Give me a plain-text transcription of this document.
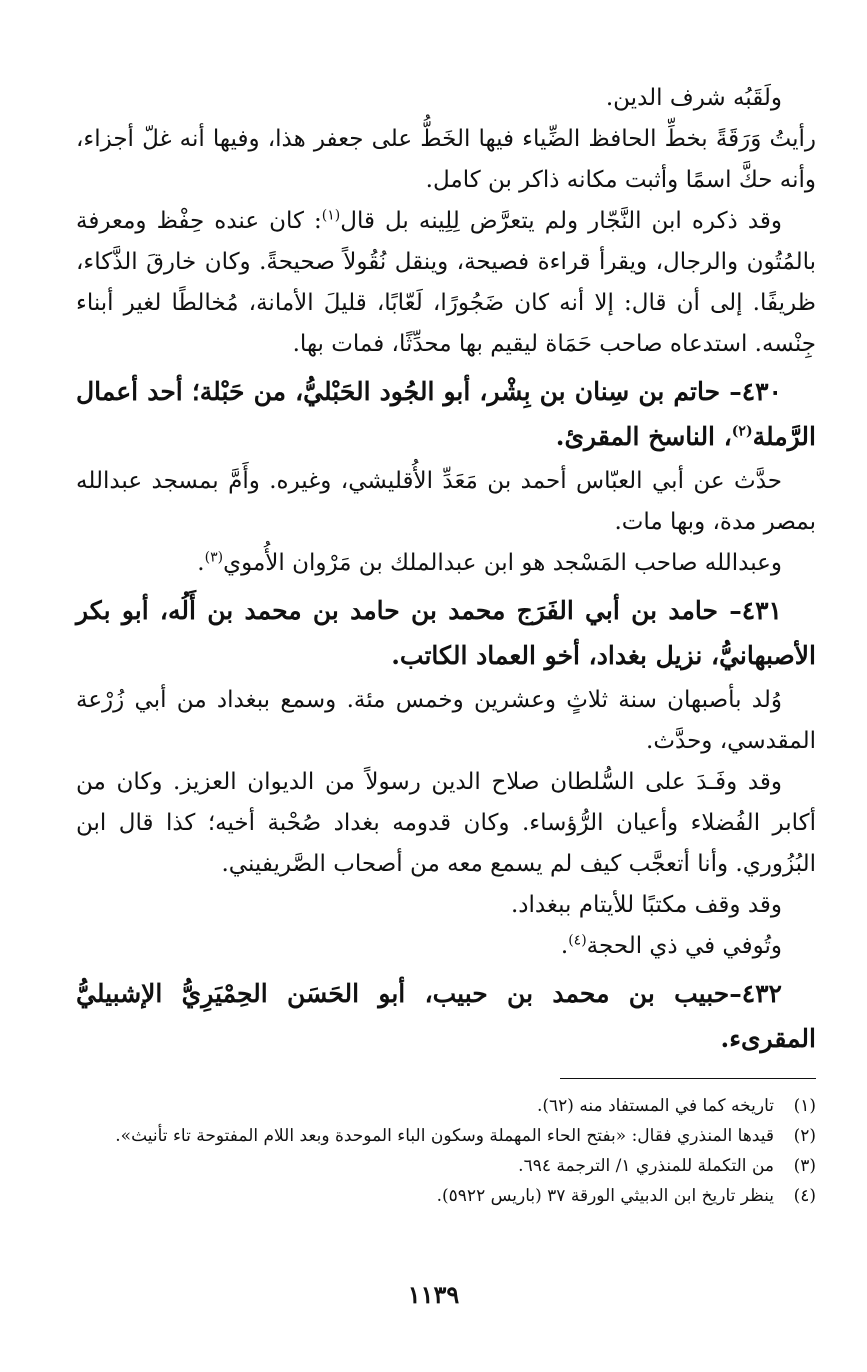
ولَقَبُه شرف الدين.

رأيتُ وَرَقَةً بخطِّ الحافظ الضِّياء فيها الخَطُّ على جعفر هذا، وفيها أنه غلّ أجزاء، وأنه حكَّ اسمًا وأثبت مكانه ذاكر بن كامل.

وقد ذكره ابن النَّجّار ولم يتعرَّض لِلِينه بل قال$^{(١)}$: كان عنده حِفْظ ومعرفة بالمُتُون والرجال، ويقرأ قراءة فصيحة، وينقل نُقُولاً صحيحةً. وكان خارقَ الذَّكاء، ظريفًا. إلى أن قال: إلا أنه كان ضَجُورًا، لَعّابًا، قليلَ الأمانة، مُخالطًا لغير أبناء جِنْسه. استدعاه صاحب حَمَاة ليقيم بها محدِّثًا، فمات بها.

٤٣٠– حاتم بن سِنان بن بِشْر، أبو الجُود الحَبْليُّ، من حَبْلة؛ أحد أعمال الرَّملة$^{(٢)}$، الناسخ المقرئ.

حدَّث عن أبي العبّاس أحمد بن مَعَدِّ الأُقليشي، وغيره. وأَمَّ بمسجد عبدالله بمصر مدة، وبها مات.

وعبدالله صاحب المَسْجد هو ابن عبدالملك بن مَرْوان الأُموي$^{(٣)}$.

٤٣١– حامد بن أبي الفَرَج محمد بن حامد بن محمد بن أَلُه، أبو بكر الأصبهانيُّ، نزيل بغداد، أخو العماد الكاتب.

وُلد بأصبهان سنة ثلاثٍ وعشرين وخمس مئة. وسمع ببغداد من أبي زُرْعة المقدسي، وحدَّث.

وقد وفَـدَ على السُّلطان صلاح الدين رسولاً من الديوان العزيز. وكان من أكابر الفُضلاء وأعيان الرُّؤساء. وكان قدومه بغداد صُحْبة أخيه؛ كذا قال ابن البُزُوري. وأنا أتعجَّب كيف لم يسمع معه من أصحاب الصَّريفيني.

وقد وقف مكتبًا للأيتام ببغداد.

وتُوفي في ذي الحجة$^{(٤)}$.

٤٣٢–حبيب بن محمد بن حبيب، أبو الحَسَن الحِمْيَرِيُّ الإشبيليُّ المقرىء.

(١)
تاريخه كما في المستفاد منه (٦٢).
(٢)
قيدها المنذري فقال: «بفتح الحاء المهملة وسكون الباء الموحدة وبعد اللام المفتوحة تاء تأنيث».
(٣)
من التكملة للمنذري ١/ الترجمة ٦٩٤.
(٤)
ينظر تاريخ ابن الدبيثي الورقة ٣٧ (باريس ٥٩٢٢).
١١٣٩
